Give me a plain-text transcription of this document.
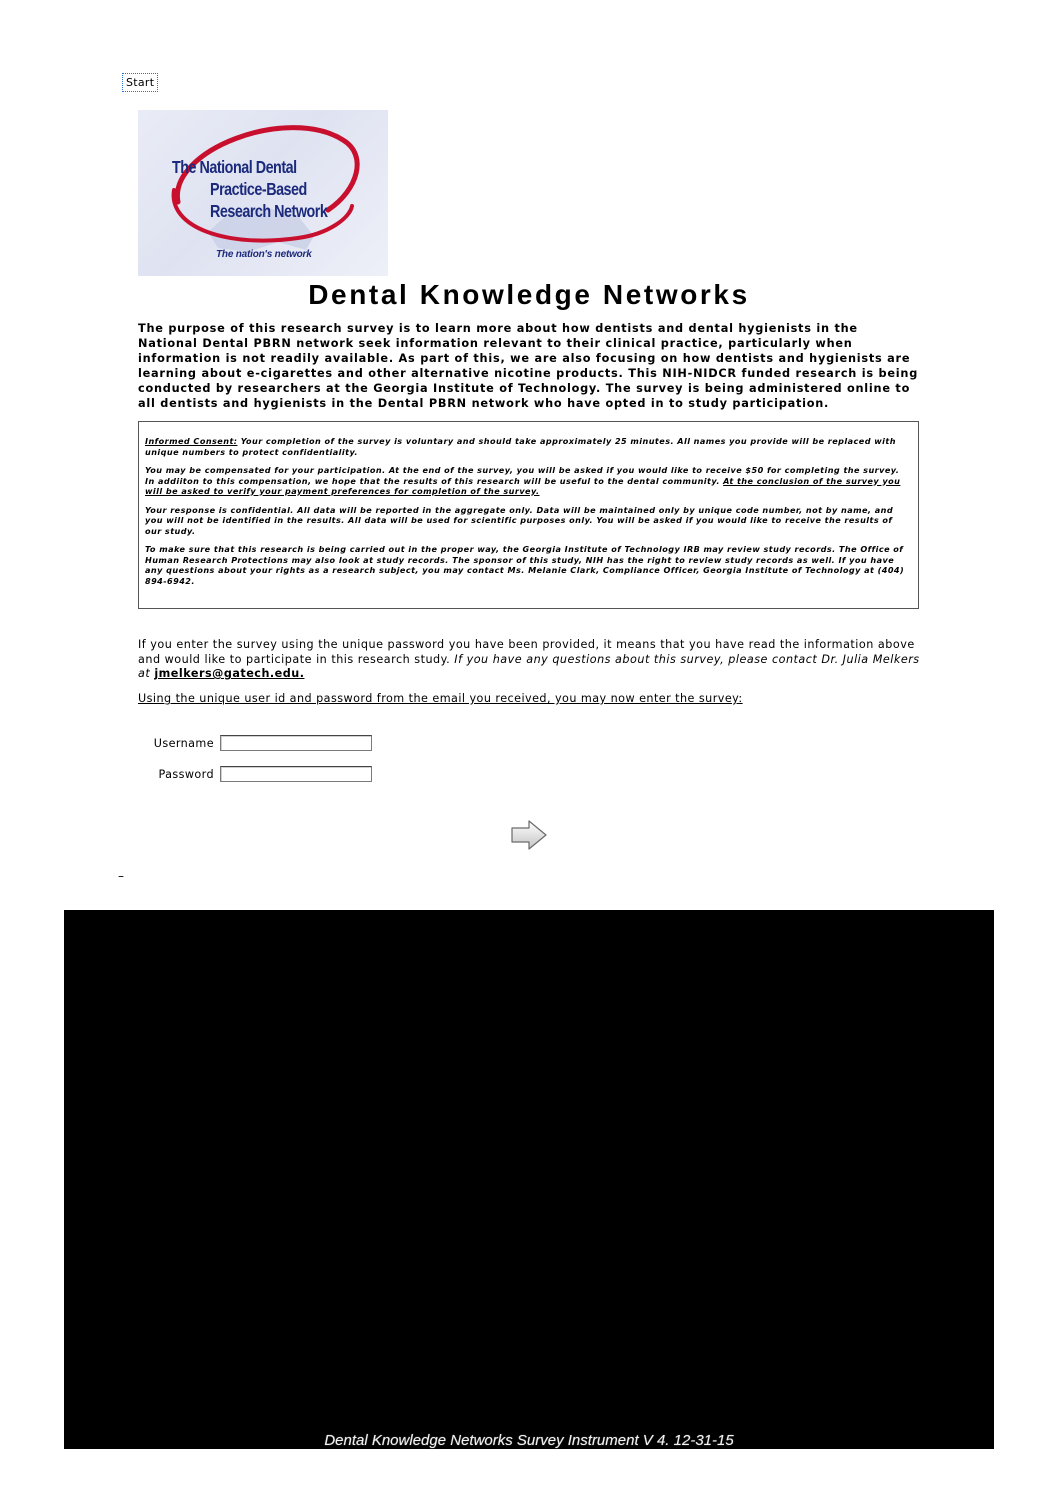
Start
The National Dental
Practice-Based
Research Network
The nation's network
Dental Knowledge Networks

The purpose of this research survey is to learn more about how dentists and dental hygienists in the National Dental PBRN network seek information relevant to their clinical practice, particularly when information is not readily available. As part of this, we are also focusing on how dentists and hygienists are learning about e-cigarettes and other alternative nicotine products. This NIH-NIDCR funded research is being conducted by researchers at the Georgia Institute of Technology. The survey is being administered online to all dentists and hygienists in the Dental PBRN network who have opted in to study participation.

Informed Consent: Your completion of the survey is voluntary and should take approximately 25 minutes. All names you provide will be replaced with unique numbers to protect confidentiality.

You may be compensated for your participation. At the end of the survey, you will be asked if you would like to receive $50 for completing the survey. In addiiton to this compensation, we hope that the results of this research will be useful to the dental community. At the conclusion of the survey you will be asked to verify your payment preferences for completion of the survey.

Your response is confidential. All data will be reported in the aggregate only. Data will be maintained only by unique code number, not by name, and you will not be identified in the results. All data will be used for scientific purposes only. You will be asked if you would like to receive the results of our study.

To make sure that this research is being carried out in the proper way, the Georgia Institute of Technology IRB may review study records. The Office of Human Research Protections may also look at study records. The sponsor of this study, NIH has the right to review study records as well. If you have any questions about your rights as a research subject, you may contact Ms. Melanie Clark, Compliance Officer, Georgia Institute of Technology at (404) 894-6942.

If you enter the survey using the unique password you have been provided, it means that you have read the information above and would like to participate in this research study. If you have any questions about this survey, please contact Dr. Julia Melkers at jmelkers@gatech.edu.

Using the unique user id and password from the email you received, you may now enter the survey:

Username
Password
–
Dental Knowledge Networks Survey Instrument V 4. 12-31-15
